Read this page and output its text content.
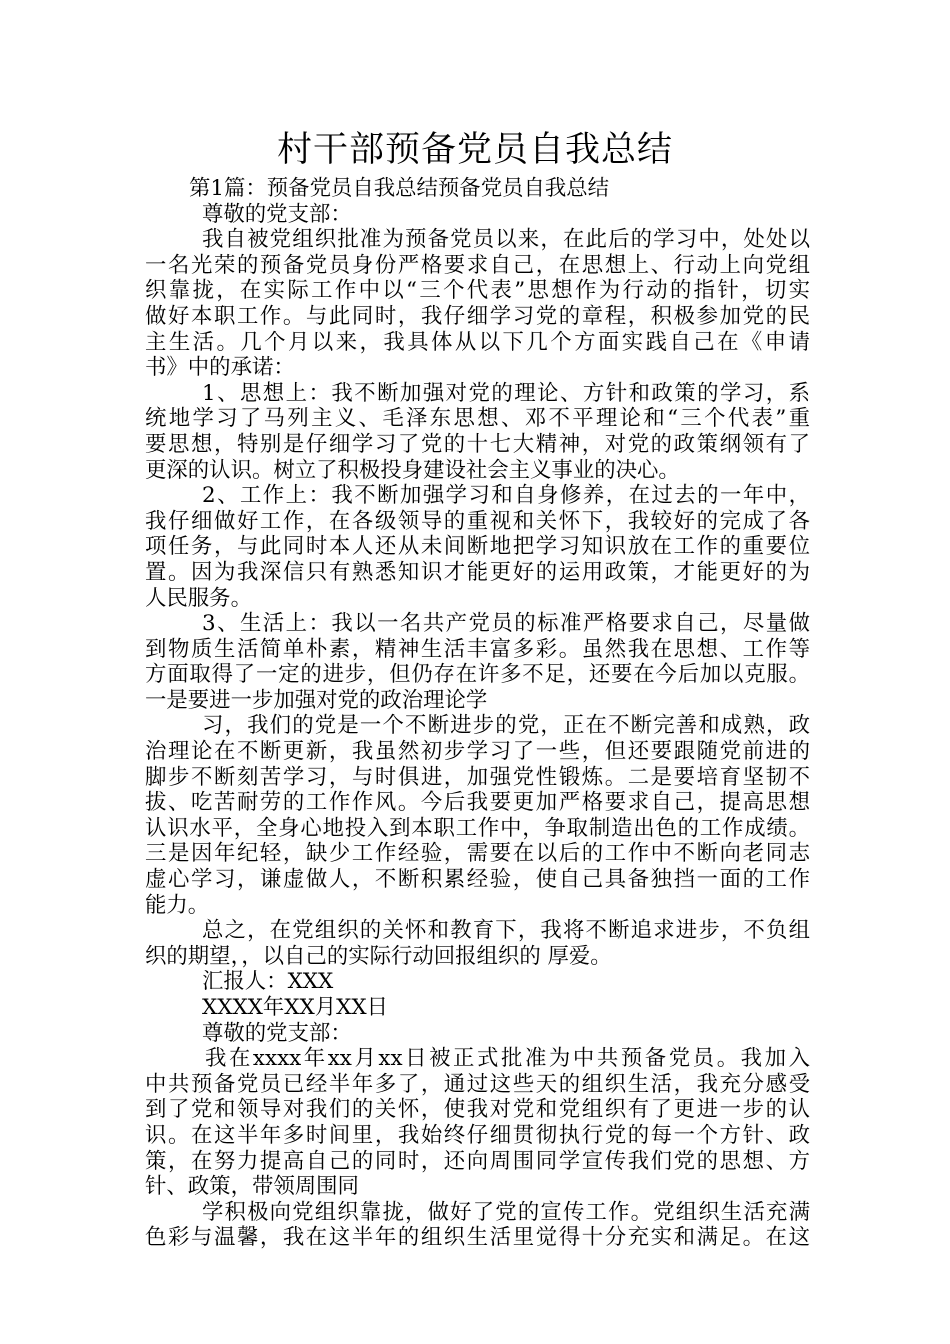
村干部预备党员自我总结
第1篇：预备党员自我总结预备党员自我总结
尊敬的党支部：
我自被党组织批准为预备党员以来，在此后的学习中，处处以
一名光荣的预备党员身份严格要求自己，在思想上、行动上向党组
织靠拢，在实际工作中以“三个代表”思想作为行动的指针，切实
做好本职工作。与此同时，我仔细学习党的章程，积极参加党的民
主生活。几个月以来，我具体从以下几个方面实践自己在《申请
书》中的承诺：
1、思想上：我不断加强对党的理论、方针和政策的学习，系
统地学习了马列主义、毛泽东思想、邓不平理论和“三个代表”重
要思想，特别是仔细学习了党的十七大精神，对党的政策纲领有了
更深的认识。树立了积极投身建设社会主义事业的决心。
2、工作上：我不断加强学习和自身修养，在过去的一年中，
我仔细做好工作，在各级领导的重视和关怀下，我较好的完成了各
项任务，与此同时本人还从未间断地把学习知识放在工作的重要位
置。因为我深信只有熟悉知识才能更好的运用政策，才能更好的为
人民服务。
3、生活上：我以一名共产党员的标准严格要求自己，尽量做
到物质生活简单朴素，精神生活丰富多彩。虽然我在思想、工作等
方面取得了一定的进步，但仍存在许多不足，还要在今后加以克服。
一是要进一步加强对党的政治理论学
习，我们的党是一个不断进步的党，正在不断完善和成熟，政
治理论在不断更新，我虽然初步学习了一些，但还要跟随党前进的
脚步不断刻苦学习，与时俱进，加强党性锻炼。二是要培育坚韧不
拔、吃苦耐劳的工作作风。今后我要更加严格要求自己，提高思想
认识水平，全身心地投入到本职工作中，争取制造出色的工作成绩。
三是因年纪轻，缺少工作经验，需要在以后的工作中不断向老同志
虚心学习，谦虚做人，不断积累经验，使自己具备独挡一面的工作
能力。
总之，在党组织的关怀和教育下，我将不断追求进步，不负组
织的期望，，以自己的实际行动回报组织的 厚爱。
汇报人：XXX
XXXX年XX月XX日
尊敬的党支部：
我在xxxx年xx月xx日被正式批准为中共预备党员。我加入
中共预备党员已经半年多了，通过这些天的组织生活，我充分感受
到了党和领导对我们的关怀，使我对党和党组织有了更进一步的认
识。在这半年多时间里，我始终仔细贯彻执行党的每一个方针、政
策，在努力提高自己的同时，还向周围同学宣传我们党的思想、方
针、政策，带领周围同
学积极向党组织靠拢，做好了党的宣传工作。党组织生活充满
色彩与温馨，我在这半年的组织生活里觉得十分充实和满足。在这
